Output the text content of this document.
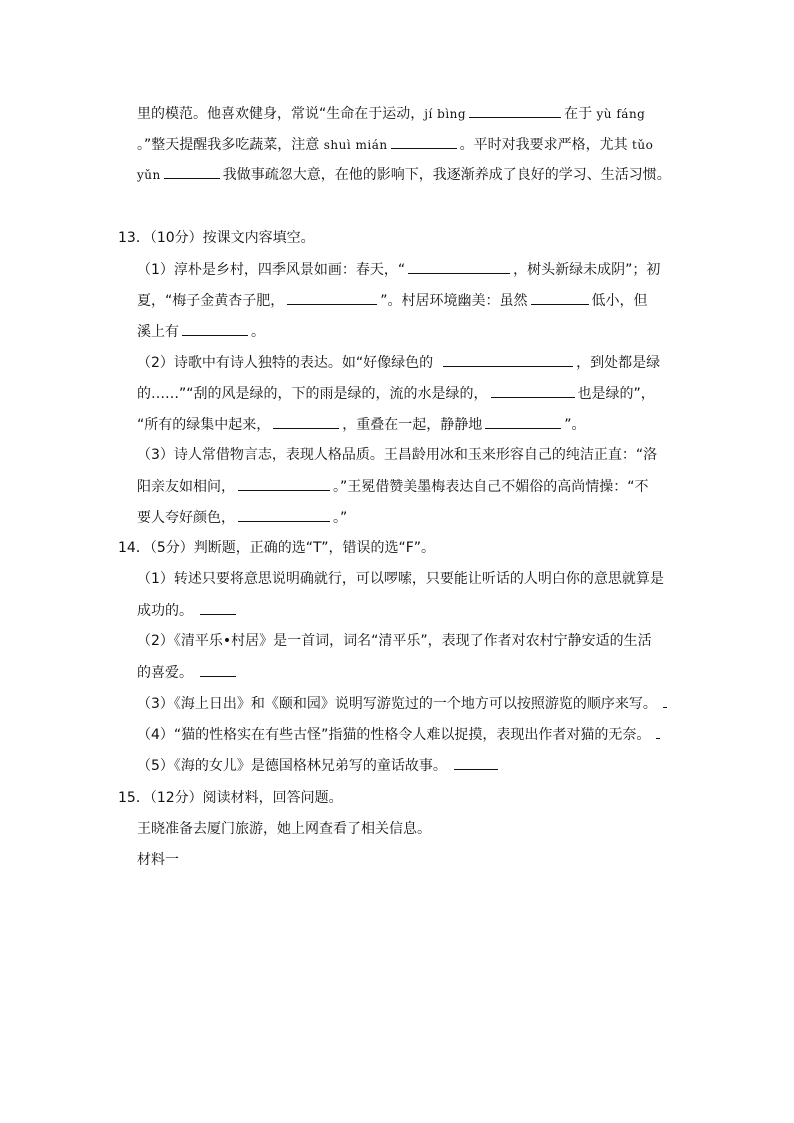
里的模范。他喜欢健身，常说“生命在于运动，jí bìng	在于 yù fáng
。”整天提醒我多吃蔬菜，注意 shuì mián	。平时对我要求严格，尤其 tǔo
yǔn	我做事疏忽大意，在他的影响下，我逐渐养成了良好的学习、生活习惯。
13．（10分）按课文内容填空。
（1）淳朴是乡村，四季风景如画：春天，“	，树头新绿未成阴”；初
夏，“梅子金黄杏子肥，	”。村居环境幽美：虽然	低小，但
溪上有	。
（2）诗歌中有诗人独特的表达。如“好像绿色的	，到处都是绿
的……”“刮的风是绿的，下的雨是绿的，流的水是绿的，	也是绿的”，
“所有的绿集中起来，	，重叠在一起，静静地	”。
（3）诗人常借物言志，表现人格品质。王昌龄用冰和玉来形容自己的纯洁正直：“洛
阳亲友如相问，	。”王冕借赞美墨梅表达自己不媚俗的高尚情操：“不
要人夸好颜色，	。”
14．（5分）判断题，正确的选“T”，错误的选“F”。
（1）转述只要将意思说明确就行，可以啰嗦，只要能让听话的人明白你的意思就算是
成功的。
（2）《清平乐•村居》是一首词，词名“清平乐”，表现了作者对农村宁静安适的生活
的喜爱。
（3）《海上日出》和《颐和园》说明写游览过的一个地方可以按照游览的顺序来写。
（4）“猫的性格实在有些古怪”指猫的性格令人难以捉摸，表现出作者对猫的无奈。
（5）《海的女儿》是德国格林兄弟写的童话故事。
15．（12分）阅读材料，回答问题。
王晓准备去厦门旅游，她上网查看了相关信息。
材料一
